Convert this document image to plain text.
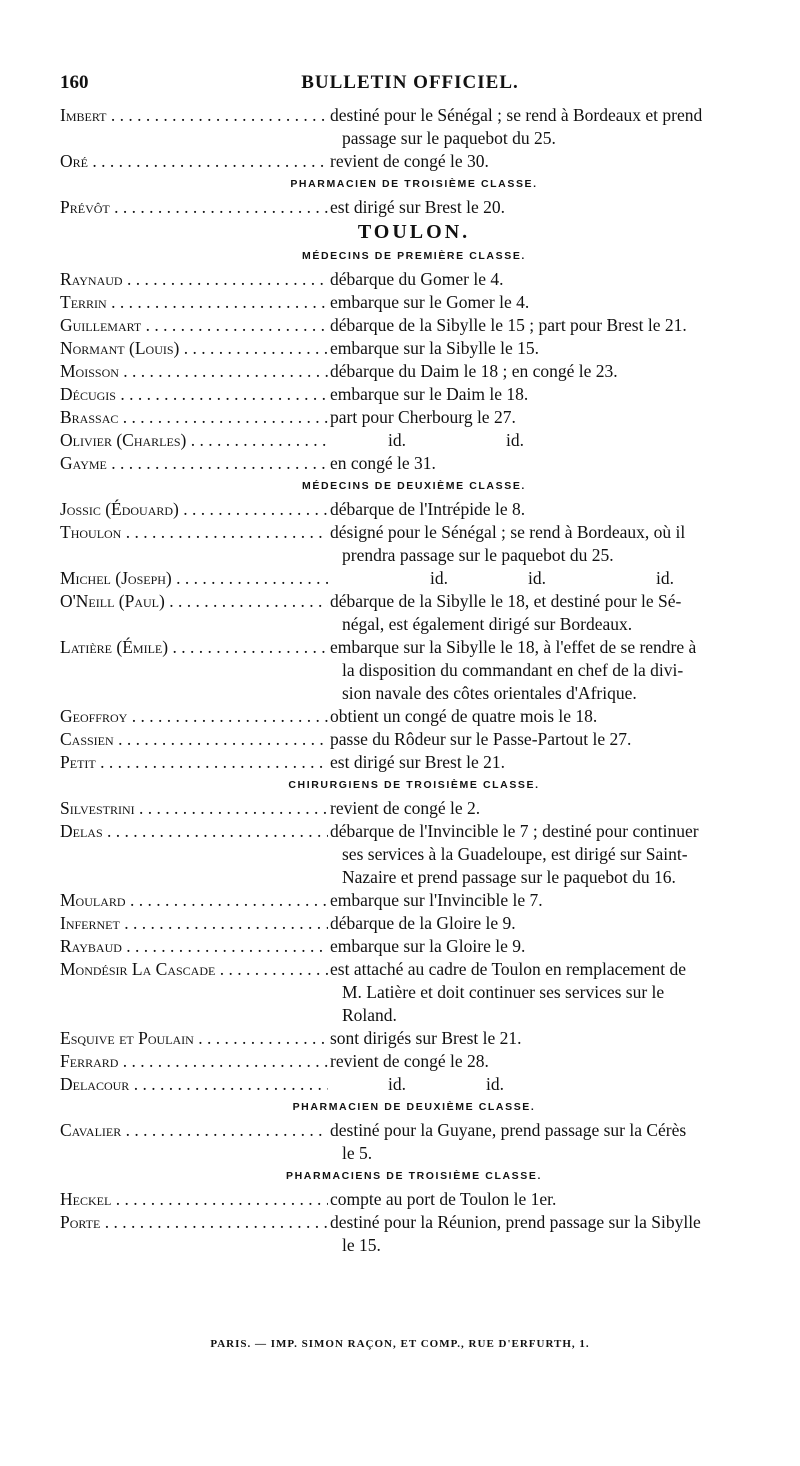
160	BULLETIN OFFICIEL.
Imbert . . .	destiné pour le Sénégal ; se rend à Bordeaux et prend
passage sur le paquebot du 25.
Oré . . .	revient de congé le 30.
PHARMACIEN DE TROISIÈME CLASSE.
Prévôt . . .	est dirigé sur Brest le 20.
TOULON.
MÉDECINS DE PREMIÈRE CLASSE.
Raynaud . . .	débarque du Gomer le 4.
Terrin . . .	embarque sur le Gomer le 4.
Guillemart . . .	débarque de la Sibylle le 15 ; part pour Brest le 21.
Normant (Louis) . . .	embarque sur la Sibylle le 15.
Moisson . . .	débarque du Daim le 18 ; en congé le 23.
Décugis . . .	embarque sur le Daim le 18.
Brassac . . .	part pour Cherbourg le 27.
Olivier (Charles) . . .	id.	id.
Gayme . . .	en congé le 31.
MÉDECINS DE DEUXIÈME CLASSE.
Jossic (Édouard) . . .	débarque de l'Intrépide le 8.
Thoulon . . .	désigné pour le Sénégal ; se rend à Bordeaux, où il
prendra passage sur le paquebot du 25.
Michel (Joseph) . . .	id.	id.	id.
O'Neill (Paul) . . .	débarque de la Sibylle le 18, et destiné pour le Sé-
négal, est également dirigé sur Bordeaux.
Latière (Émile) . . .	embarque sur la Sibylle le 18, à l'effet de se rendre à
la disposition du commandant en chef de la divi-
sion navale des côtes orientales d'Afrique.
Geoffroy . . .	obtient un congé de quatre mois le 18.
Cassien . . .	passe du Rôdeur sur le Passe-Partout le 27.
Petit . . .	est dirigé sur Brest le 21.
CHIRURGIENS DE TROISIÈME CLASSE.
Silvestrini . . .	revient de congé le 2.
Delas . . .	débarque de l'Invincible le 7 ; destiné pour continuer
ses services à la Guadeloupe, est dirigé sur Saint-
Nazaire et prend passage sur le paquebot du 16.
Moulard . . .	embarque sur l'Invincible le 7.
Infernet . . .	débarque de la Gloire le 9.
Raybaud . . .	embarque sur la Gloire le 9.
Mondésir La Cascade . . .	est attaché au cadre de Toulon en remplacement de
M. Latière et doit continuer ses services sur le
Roland.
Esquive et Poulain . . .	sont dirigés sur Brest le 21.
Ferrard . . .	revient de congé le 28.
Delacour . . .	id.	id.
PHARMACIEN DE DEUXIÈME CLASSE.
Cavalier . . .	destiné pour la Guyane, prend passage sur la Cérès
le 5.
PHARMACIENS DE TROISIÈME CLASSE.
Heckel . . .	compte au port de Toulon le 1er.
Porte . . .	destiné pour la Réunion, prend passage sur la Sibylle
le 15.
PARIS. — IMP. SIMON RAÇON, ET COMP., RUE D'ERFURTH, 1.
